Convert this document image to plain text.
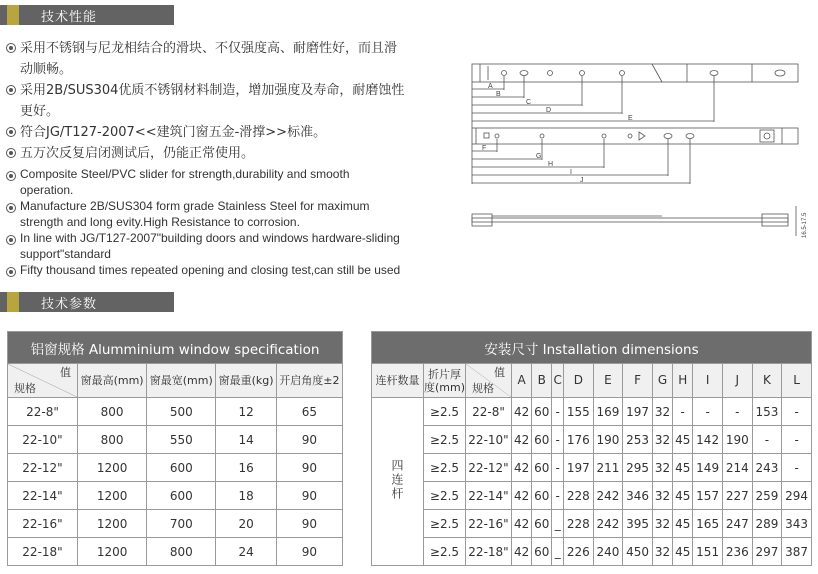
技术性能
采用不锈钢与尼龙相结合的滑块、不仅强度高、耐磨性好，而且滑动顺畅。
采用2B/SUS304优质不锈钢材料制造，增加强度及寿命，耐磨蚀性更好。
符合JG/T127-2007<<建筑门窗五金-滑撑>>标准。
五万次反复启闭测试后，仍能正常使用。
Composite Steel/PVC slider for strength,durability and smooth operation.
Manufacture 2B/SUS304 form grade Stainless Steel for maximum strength and long evity.High Resistance to corrosion.
In line with JG/T127-2007"building doors and windows hardware-sliding support"standard
Fifty thousand times repeated opening and closing test,can still be used
A
B
C
D
E
F
G
H
I
J
16.5-17.5
技术参数
铝窗规格 Alumminium window specification				

值
规格	窗最高(mm)	窗最宽(mm)	窗最重(kg)	开启角度±2
22-8"	800	500	12	65
22-10"	800	550	14	90
22-12"	1200	600	16	90
22-14"	1200	600	18	90
22-16"	1200	700	20	90
22-18"	1200	800	24	90
安装尺寸 Installation dimensions														
连杆数量	折片厚度(mm)	值
规格	A	B	C	D	E	F	G	H	I	J	K	L
四连杆	≥2.5	22-8"	42	60	-	155	169	197	32	-	-	-	153	-
	≥2.5	22-10"	42	60	-	176	190	253	32	45	142	190	-	-
	≥2.5	22-12"	42	60	-	197	211	295	32	45	149	214	243	-
	≥2.5	22-14"	42	60	-	228	242	346	32	45	157	227	259	294
	≥2.5	22-16"	42	60	_	228	242	395	32	45	165	247	289	343
	≥2.5	22-18"	42	60	_	226	240	450	32	45	151	236	297	387
